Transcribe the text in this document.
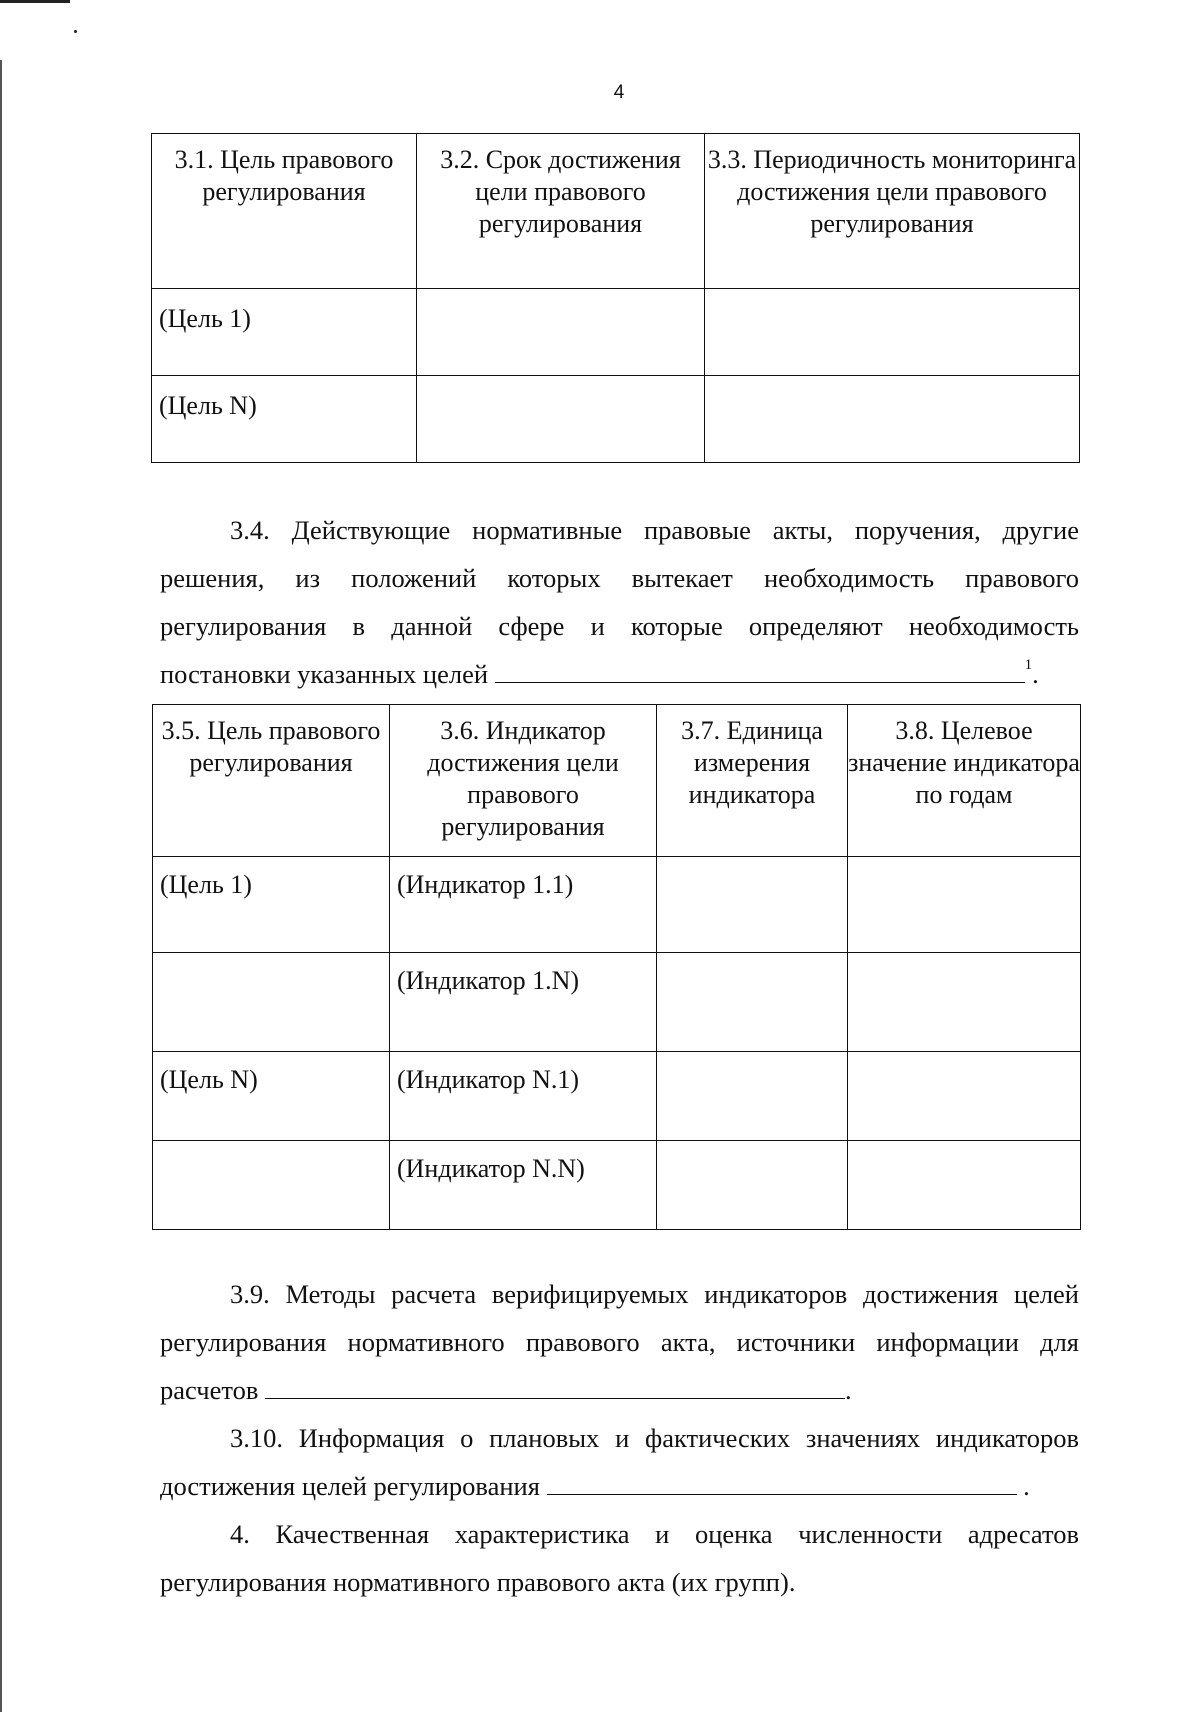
4
3.1. Цель правового регулирования	3.2. Срок достижения цели правового регулирования	3.3. Периодичность мониторинга достижения цели правового регулирования
(Цель 1)		
(Цель N)		
3.4. Действующие нормативные правовые акты, поручения, другие решения, из положений которых вытекает необходимость правового регулирования в данной сфере и которые определяют необходимость постановки указанных целей	$^1$.
3.5. Цель правового регулирования	3.6. Индикатор достижения цели правового регулирования	3.7. Единица измерения индикатора	3.8. Целевое значение индикатора по годам
(Цель 1)	(Индикатор 1.1)		
	(Индикатор 1.N)		
(Цель N)	(Индикатор N.1)		
	(Индикатор N.N)		
3.9. Методы расчета верифицируемых индикаторов достижения целей регулирования нормативного правового акта, источники информации для расчетов	.
3.10. Информация о плановых и фактических значениях индикаторов достижения целей регулирования	.
4. Качественная характеристика и оценка численности адресатов регулирования нормативного правового акта (их групп).
